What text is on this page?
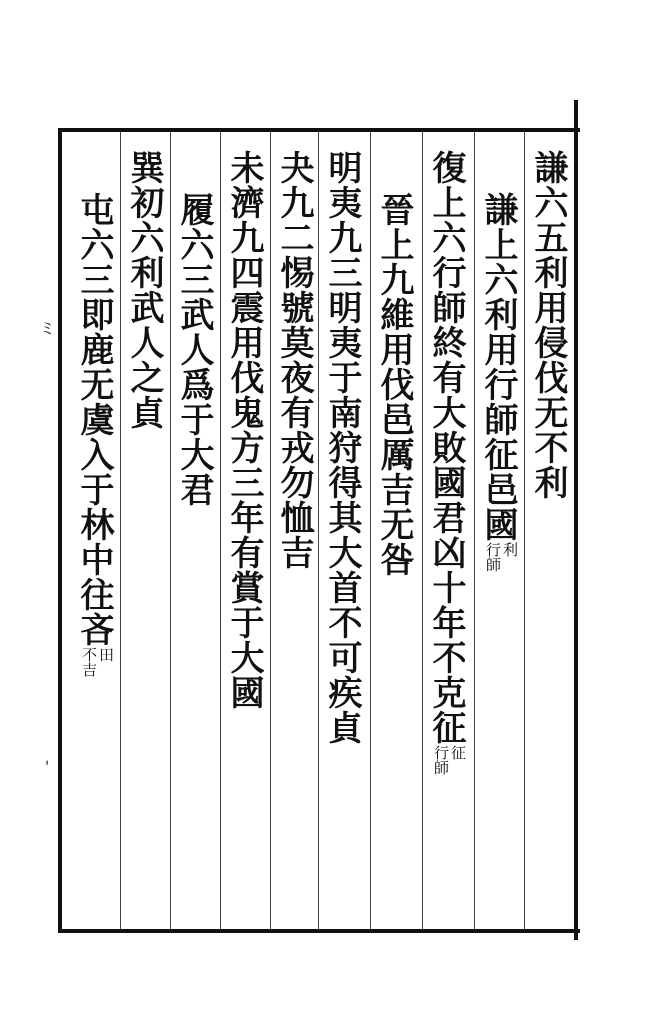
ミ
-
謙六五利用侵伐无不利
謙上六利用行師征邑國
利
行師
復上六行師終有大敗國君凶十年不克征
征
行師
晉上九維用伐邑厲吉无咎
明夷九三明夷于南狩得其大首不可疾貞
夬九二惕號莫夜有戎勿恤吉
未濟九四震用伐鬼方三年有賞于大國
履六三武人爲于大君
巽初六利武人之貞
屯六三即鹿无虞入于林中往吝
田
不吉
